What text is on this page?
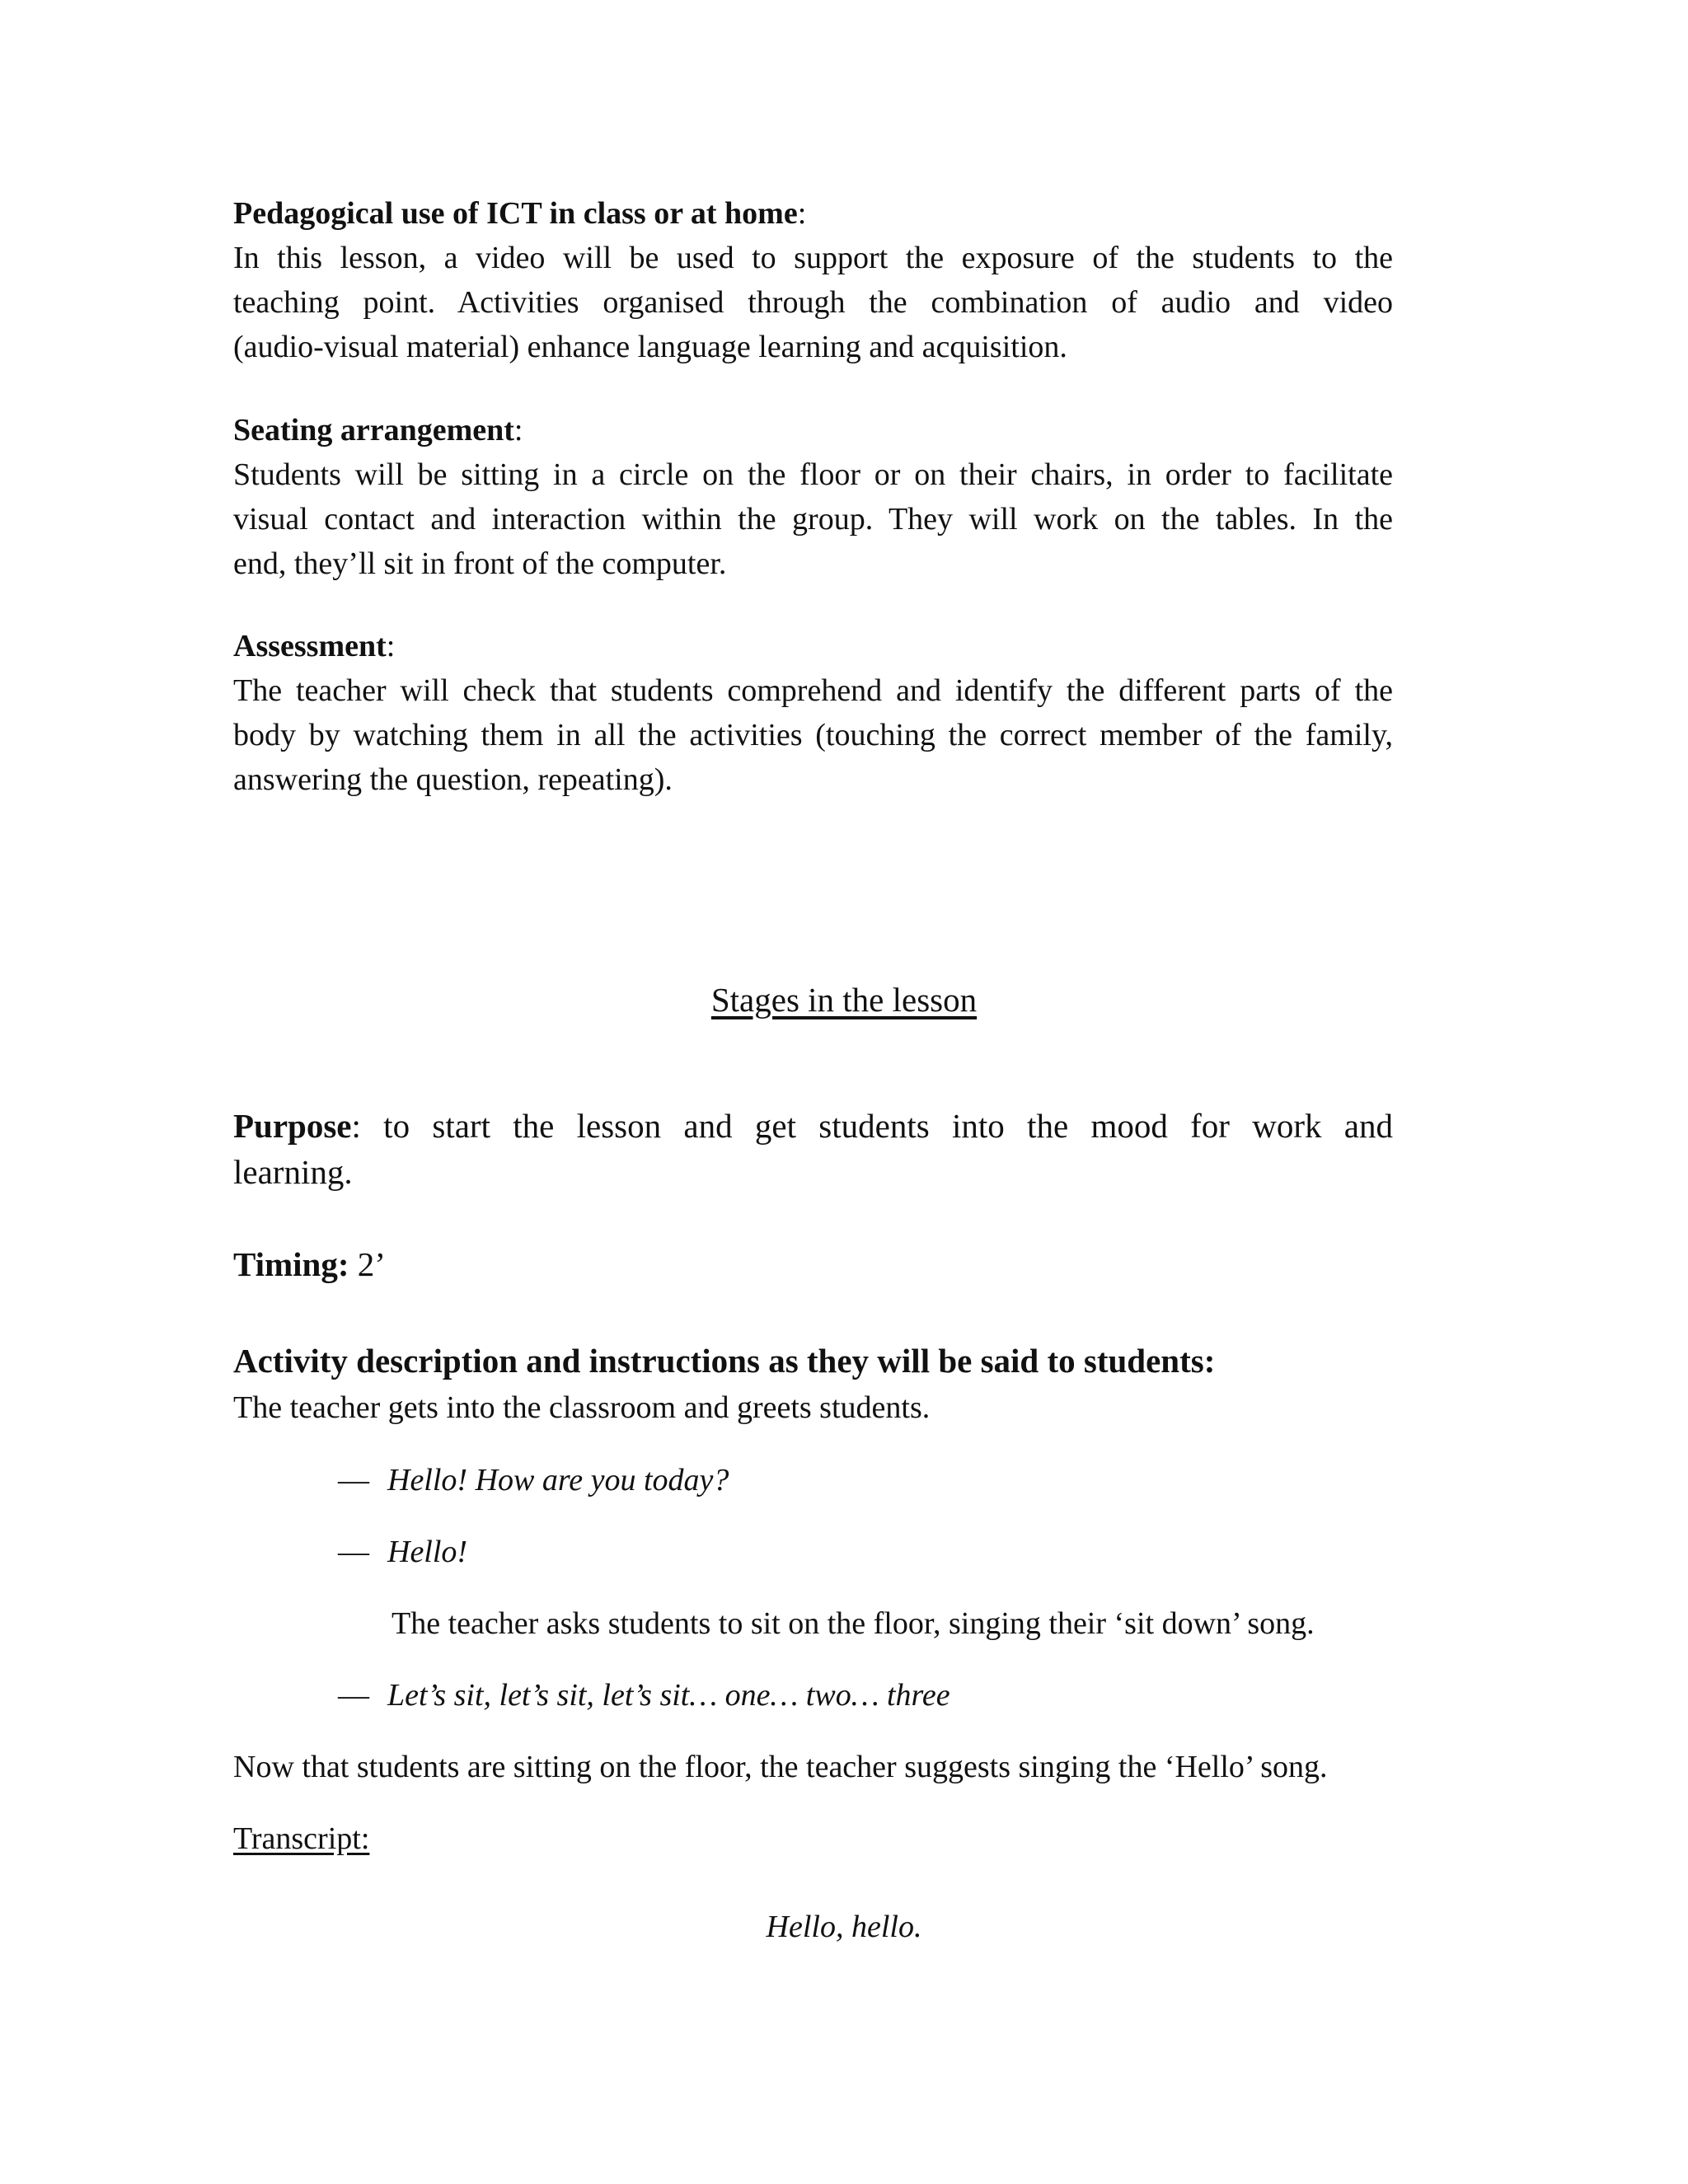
Pedagogical use of ICT in class or at home:
In this lesson, a video will be used to support the exposure of the students to the
teaching point. Activities organised through the combination of audio and video
(audio-visual material) enhance language learning and acquisition.
Seating arrangement:
Students will be sitting in a circle on the floor or on their chairs, in order to facilitate
visual contact and interaction within the group. They will work on the tables. In the
end, they’ll sit in front of the computer.
Assessment:
The teacher will check that students comprehend and identify the different parts of the
body by watching them in all the activities (touching the correct member of the family,
answering the question, repeating).
Stages in the lesson
Purpose: to start the lesson and get students into the mood for work and
learning.
Timing: 2’
Activity description and instructions as they will be said to students:
The teacher gets into the classroom and greets students.
— Hello! How are you today?
— Hello!
The teacher asks students to sit on the floor, singing their ‘sit down’ song.
— Let’s sit, let’s sit, let’s sit… one… two… three
Now that students are sitting on the floor, the teacher suggests singing the ‘Hello’ song.
Transcript:
Hello, hello.
